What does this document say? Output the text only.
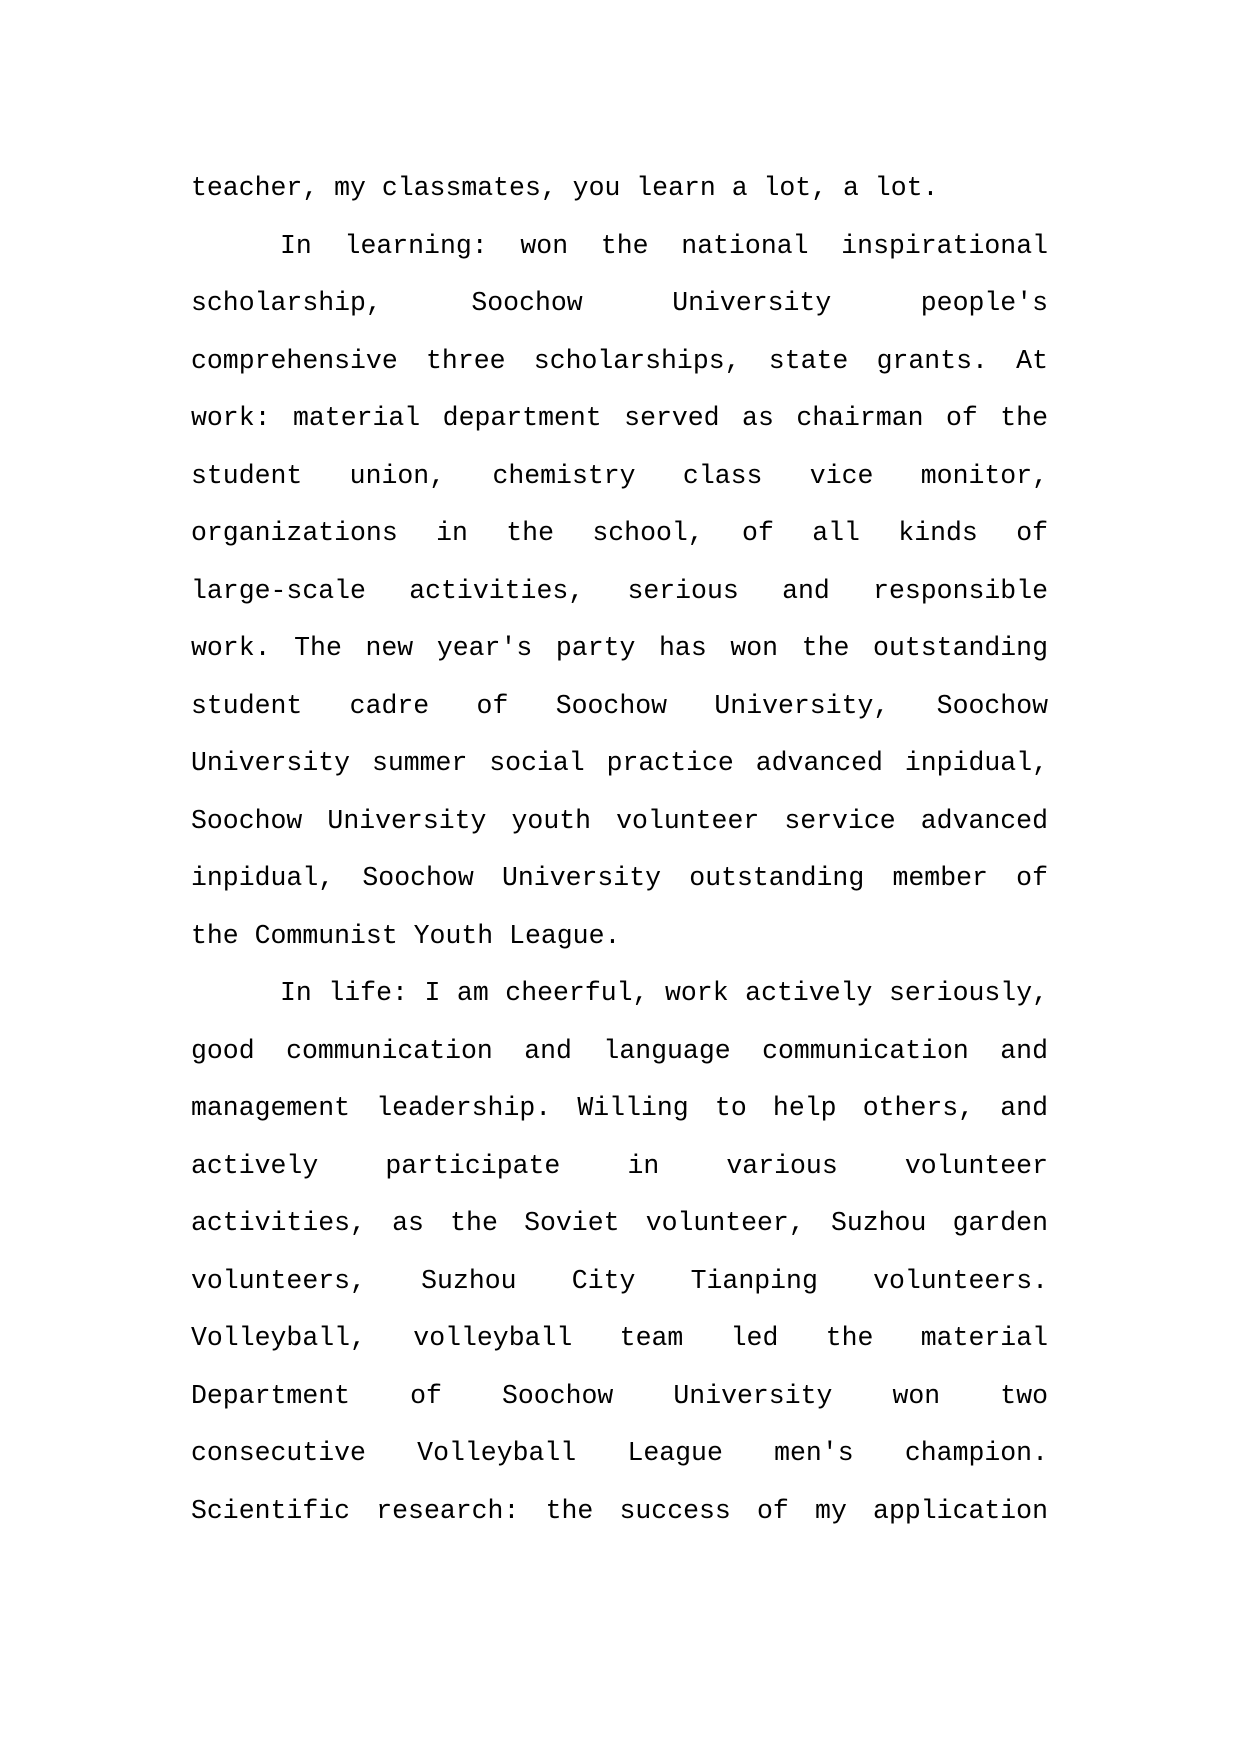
teacher, my classmates, you learn a lot, a lot.
In learning: won the national inspirational
scholarship, Soochow University people's
comprehensive three scholarships, state grants. At
work: material department served as chairman of the
student union, chemistry class vice monitor,
organizations in the school, of all kinds of
large-scale activities, serious and responsible
work. The new year's party has won the outstanding
student cadre of Soochow University, Soochow
University summer social practice advanced inpidual,
Soochow University youth volunteer service advanced
inpidual, Soochow University outstanding member of
the Communist Youth League.
In life: I am cheerful, work actively seriously,
good communication and language communication and
management leadership. Willing to help others, and
actively participate in various volunteer
activities, as the Soviet volunteer, Suzhou garden
volunteers, Suzhou City Tianping volunteers.
Volleyball, volleyball team led the material
Department of Soochow University won two
consecutive Volleyball League men's champion.
Scientific research: the success of my application
